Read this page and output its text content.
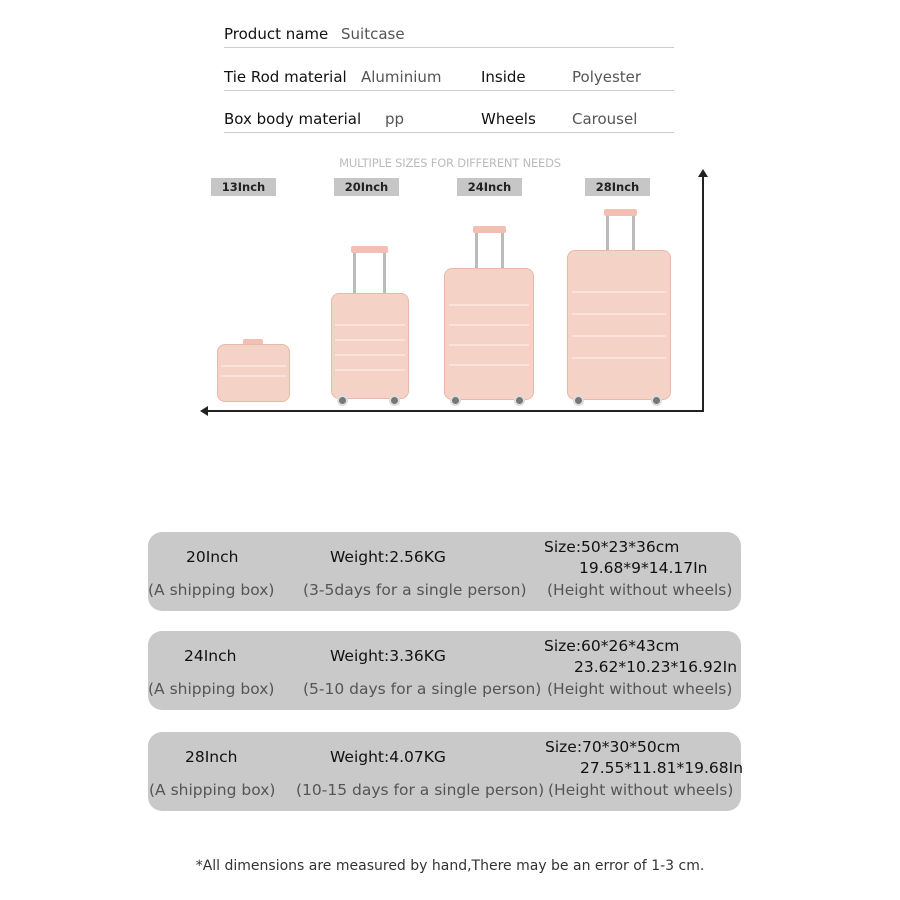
Product name Suitcase
Tie Rod material Aluminium	Inside	Polyester
Box body material pp	Wheels Carousel
MULTIPLE SIZES FOR DIFFERENT NEEDS
13Inch	20Inch	24Inch	28Inch
20Inch	Weight:2.56KG
Size:50*23*36cm
19.68*9*14.17In
(A shipping box) (3-5days for a single person) (Height without wheels)
24Inch	Weight:3.36KG
Size:60*26*43cm
23.62*10.23*16.92In
(A shipping box) (5-10 days for a single person) (Height without wheels)
28Inch	Weight:4.07KG
Size:70*30*50cm
27.55*11.81*19.68In
(A shipping box) (10-15 days for a single person) (Height without wheels)
*All dimensions are measured by hand,There may be an error of 1-3 cm.
